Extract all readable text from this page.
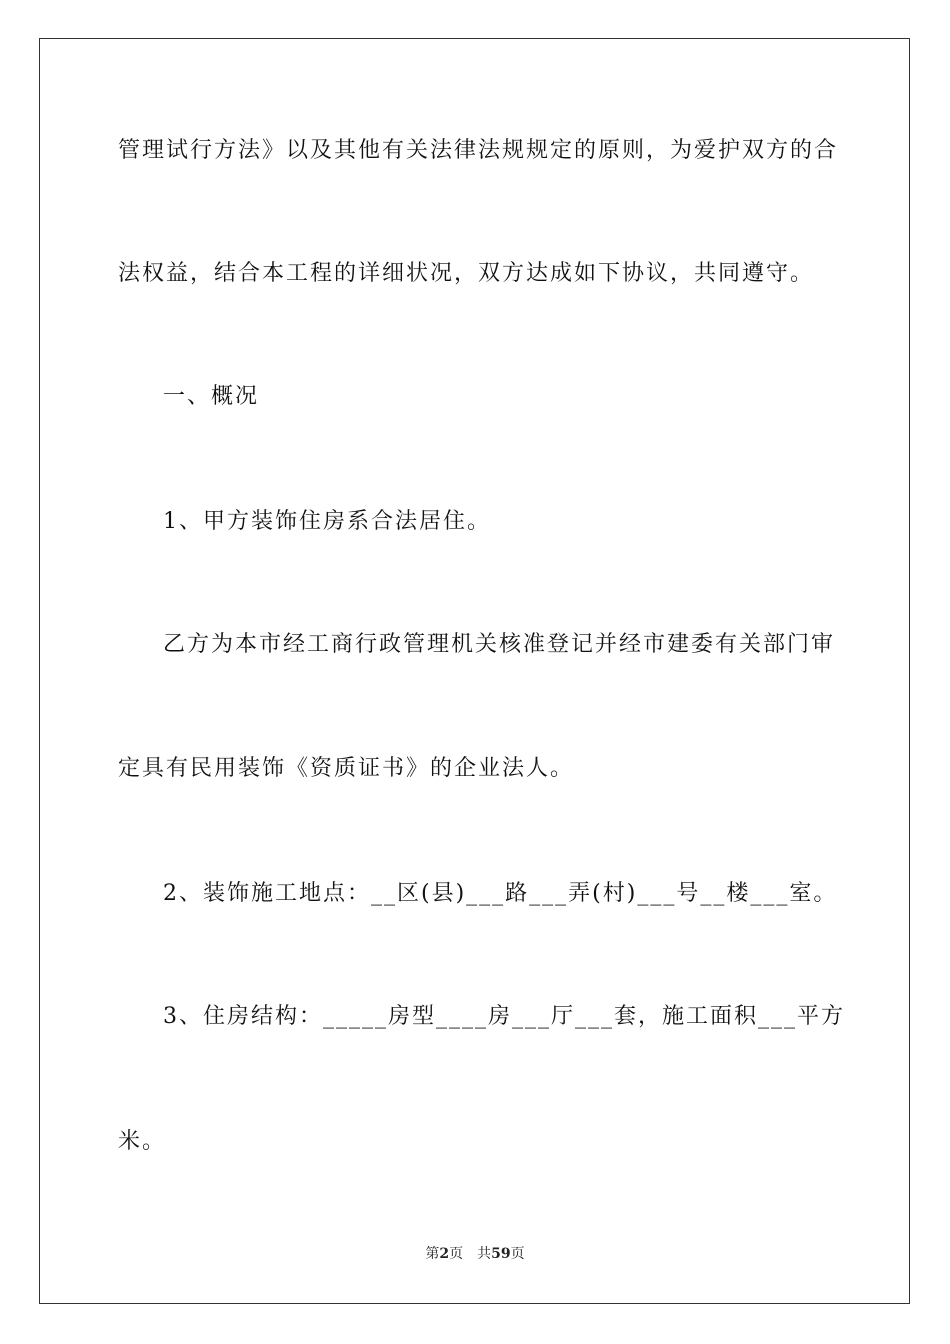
管理试行方法》以及其他有关法律法规规定的原则，为爱护双方的合
法权益，结合本工程的详细状况，双方达成如下协议，共同遵守。
一、概况
1、甲方装饰住房系合法居住。
乙方为本市经工商行政管理机关核准登记并经市建委有关部门审
定具有民用装饰《资质证书》的企业法人。
2、装饰施工地点：__区(县)___路___弄(村)___号__楼___室。
3、住房结构：_____房型____房___厅___套，施工面积___平方
米。
第2页 共59页
